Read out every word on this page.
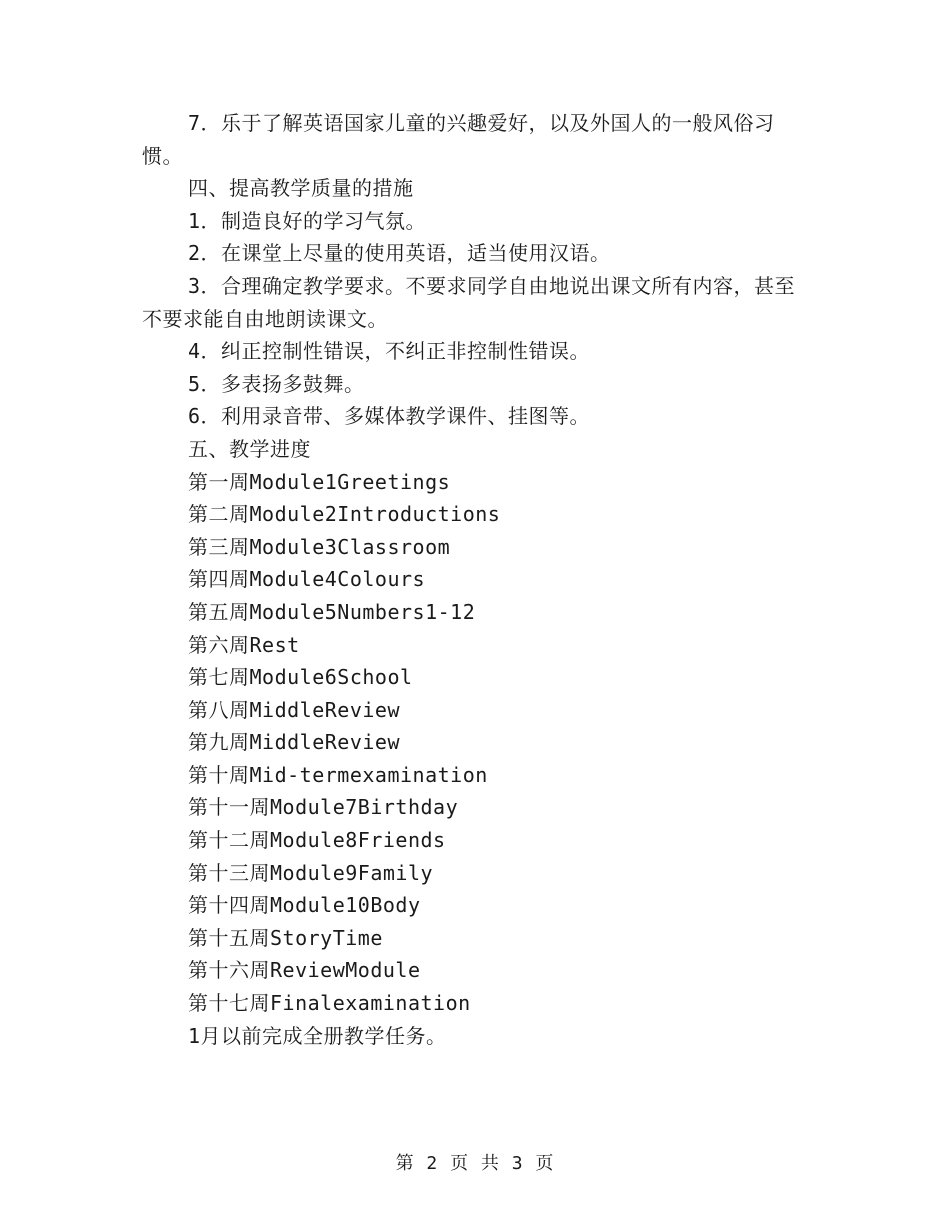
7．乐于了解英语国家儿童的兴趣爱好，以及外国人的一般风俗习惯。

四、提高教学质量的措施

1．制造良好的学习气氛。

2．在课堂上尽量的使用英语，适当使用汉语。

3．合理确定教学要求。不要求同学自由地说出课文所有内容，甚至不要求能自由地朗读课文。

4．纠正控制性错误，不纠正非控制性错误。

5．多表扬多鼓舞。

6．利用录音带、多媒体教学课件、挂图等。

五、教学进度

第一周Module1Greetings

第二周Module2Introductions

第三周Module3Classroom

第四周Module4Colours

第五周Module5Numbers1-12

第六周Rest

第七周Module6School

第八周MiddleReview

第九周MiddleReview

第十周Mid-termexamination

第十一周Module7Birthday

第十二周Module8Friends

第十三周Module9Family

第十四周Module10Body

第十五周StoryTime

第十六周ReviewModule

第十七周Finalexamination

1月以前完成全册教学任务。

第 2 页 共 3 页
